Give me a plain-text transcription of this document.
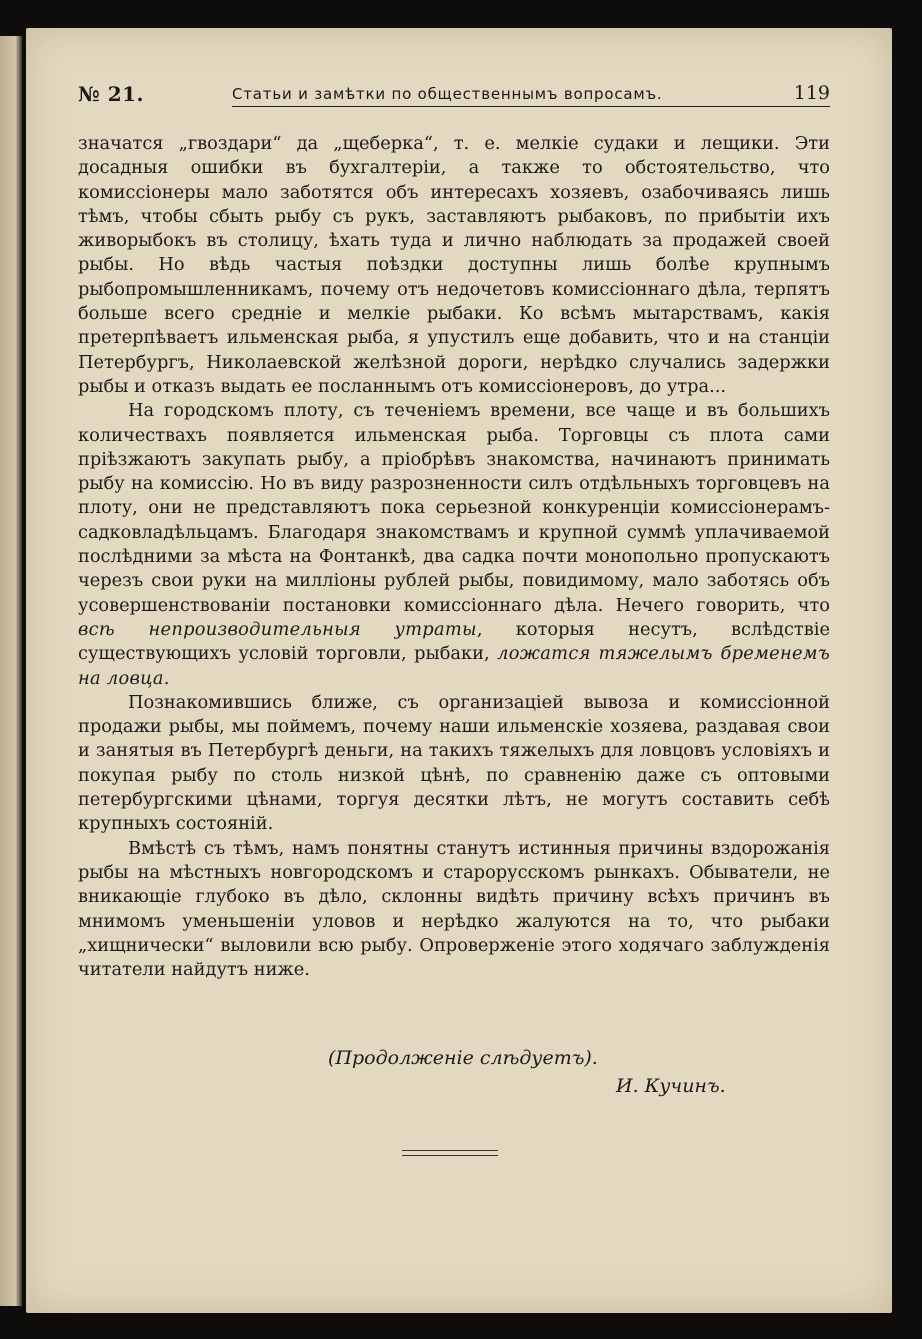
№ 21.	Статьи и замѣтки по общественнымъ вопросамъ.	119

значатся „гвоздари“ да „щеберка“, т. е. мелкіе судаки и лещики. Эти досадныя ошибки въ бухгалтеріи, а также то обстоятельство, что комиссіонеры мало заботятся объ интересахъ хозяевъ, озабочиваясь лишь тѣмъ, чтобы сбыть рыбу съ рукъ, заставляютъ рыбаковъ, по прибытіи ихъ живорыбокъ въ столицу, ѣхать туда и лично наблюдать за продажей своей рыбы. Но вѣдь частыя поѣздки доступны лишь болѣе крупнымъ рыбопромышленникамъ, почему отъ недочетовъ комиссіоннаго дѣла, терпятъ больше всего средніе и мелкіе рыбаки. Ко всѣмъ мытарствамъ, какія претерпѣваетъ ильменская рыба, я упустилъ еще добавить, что и на станціи Петербургъ, Николаевской желѣзной дороги, нерѣдко случались задержки рыбы и отказъ выдать ее посланнымъ отъ комиссіонеровъ, до утра...

На городскомъ плоту, съ теченіемъ времени, все чаще и въ большихъ количествахъ появляется ильменская рыба. Торговцы съ плота сами пріѣзжаютъ закупать рыбу, а пріобрѣвъ знакомства, начинаютъ принимать рыбу на комиссію. Но въ виду разрозненности силъ отдѣльныхъ торговцевъ на плоту, они не представляютъ пока серьезной конкуренціи комиссіонерамъ-садковладѣльцамъ. Благодаря знакомствамъ и крупной суммѣ уплачиваемой послѣдними за мѣста на Фонтанкѣ, два садка почти монопольно пропускаютъ черезъ свои руки на милліоны рублей рыбы, повидимому, мало заботясь объ усовершенствованіи постановки комиссіоннаго дѣла. Нечего говорить, что всѣ непроизводительныя утраты, которыя несутъ, вслѣдствіе существующихъ условій торговли, рыбаки, ложатся тяжелымъ бременемъ на ловца.

Познакомившись ближе, съ организаціей вывоза и комиссіонной продажи рыбы, мы поймемъ, почему наши ильменскіе хозяева, раздавая свои и занятыя въ Петербургѣ деньги, на такихъ тяжелыхъ для ловцовъ условіяхъ и покупая рыбу по столь низкой цѣнѣ, по сравненію даже съ оптовыми петербургскими цѣнами, торгуя десятки лѣтъ, не могутъ составить себѣ крупныхъ состояній.

Вмѣстѣ съ тѣмъ, намъ понятны станутъ истинныя причины вздорожанія рыбы на мѣстныхъ новгородскомъ и старорусскомъ рынкахъ. Обыватели, не вникающіе глубоко въ дѣло, склонны видѣть причину всѣхъ причинъ въ мнимомъ уменьшеніи уловов и нерѣдко жалуются на то, что рыбаки „хищнически“ выловили всю рыбу. Опроверженіе этого ходячаго заблужденія читатели найдутъ ниже.

(Продолженіе слѣдуетъ).
И. Кучинъ.
